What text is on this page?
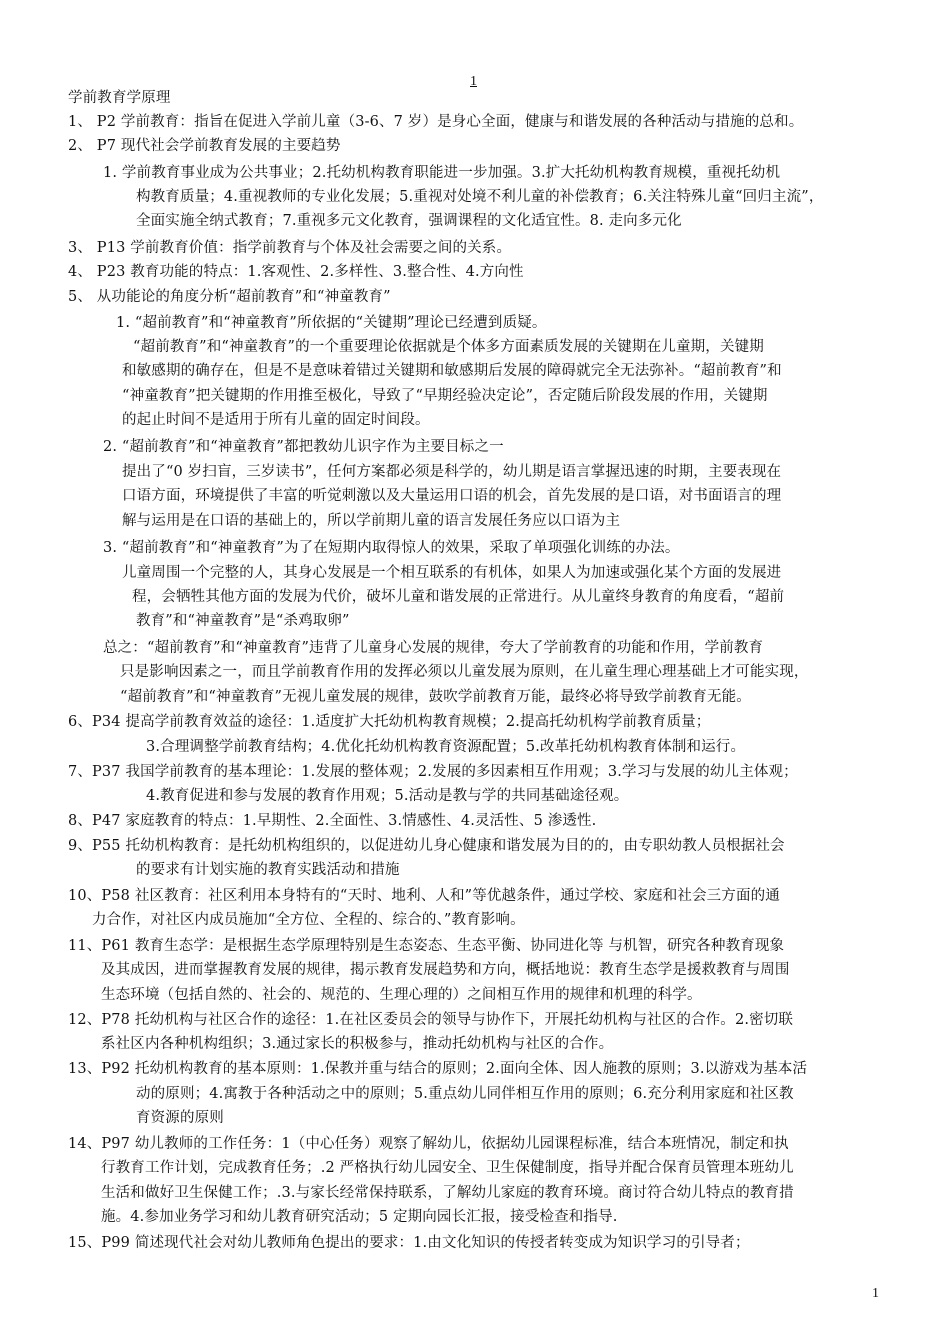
1
学前教育学原理
1、 P2 学前教育：指旨在促进入学前儿童（3-6、7 岁）是身心全面，健康与和谐发展的各种活动与措施的总和。
2、 P7 现代社会学前教育发展的主要趋势
1. 学前教育事业成为公共事业；2.托幼机构教育职能进一步加强。3.扩大托幼机构教育规模，重视托幼机
构教育质量；4.重视教师的专业化发展；5.重视对处境不利儿童的补偿教育；6.关注特殊儿童“回归主流”，
全面实施全纳式教育；7.重视多元文化教育，强调课程的文化适宜性。8. 走向多元化
3、 P13 学前教育价值：指学前教育与个体及社会需要之间的关系。
4、 P23 教育功能的特点：1.客观性、2.多样性、3.整合性、4.方向性
5、 从功能论的角度分析“超前教育”和“神童教育”
1. “超前教育”和“神童教育”所依据的“关键期”理论已经遭到质疑。
“超前教育”和“神童教育”的一个重要理论依据就是个体多方面素质发展的关键期在儿童期，关键期
和敏感期的确存在，但是不是意味着错过关键期和敏感期后发展的障碍就完全无法弥补。“超前教育”和
“神童教育”把关键期的作用推至极化，导致了“早期经验决定论”，否定随后阶段发展的作用，关键期
的起止时间不是适用于所有儿童的固定时间段。
2. “超前教育”和“神童教育”都把教幼儿识字作为主要目标之一
提出了“0 岁扫盲，三岁读书”，任何方案都必须是科学的，幼儿期是语言掌握迅速的时期，主要表现在
口语方面，环境提供了丰富的听觉刺激以及大量运用口语的机会，首先发展的是口语，对书面语言的理
解与运用是在口语的基础上的，所以学前期儿童的语言发展任务应以口语为主
3. “超前教育”和“神童教育”为了在短期内取得惊人的效果，采取了单项强化训练的办法。
儿童周围一个完整的人，其身心发展是一个相互联系的有机体，如果人为加速或强化某个方面的发展进
程，会牺牲其他方面的发展为代价，破坏儿童和谐发展的正常进行。从儿童终身教育的角度看，“超前
教育”和“神童教育”是“杀鸡取卵”
总之：“超前教育”和“神童教育”违背了儿童身心发展的规律，夸大了学前教育的功能和作用，学前教育
只是影响因素之一，而且学前教育作用的发挥必须以儿童发展为原则，在儿童生理心理基础上才可能实现，
“超前教育”和“神童教育”无视儿童发展的规律，鼓吹学前教育万能，最终必将导致学前教育无能。
6、P34 提高学前教育效益的途径：1.适度扩大托幼机构教育规模；2.提高托幼机构学前教育质量；
3.合理调整学前教育结构；4.优化托幼机构教育资源配置；5.改革托幼机构教育体制和运行。
7、P37 我国学前教育的基本理论：1.发展的整体观；2.发展的多因素相互作用观；3.学习与发展的幼儿主体观；
4.教育促进和参与发展的教育作用观；5.活动是教与学的共同基础途径观。
8、P47 家庭教育的特点：1.早期性、2.全面性、3.情感性、4.灵活性、5 渗透性.
9、P55 托幼机构教育：是托幼机构组织的，以促进幼儿身心健康和谐发展为目的的，由专职幼教人员根据社会
的要求有计划实施的教育实践活动和措施
10、P58 社区教育：社区利用本身特有的“天时、地利、人和”等优越条件，通过学校、家庭和社会三方面的通
力合作，对社区内成员施加“全方位、全程的、综合的、”教育影响。
11、P61 教育生态学：是根据生态学原理特别是生态姿态、生态平衡、协同进化等 与机智，研究各种教育现象
及其成因，进而掌握教育发展的规律，揭示教育发展趋势和方向，概括地说：教育生态学是援救教育与周围
生态环境（包括自然的、社会的、规范的、生理心理的）之间相互作用的规律和机理的科学。
12、P78 托幼机构与社区合作的途径：1.在社区委员会的领导与协作下，开展托幼机构与社区的合作。2.密切联
系社区内各种机构组织；3.通过家长的积极参与，推动托幼机构与社区的合作。
13、P92 托幼机构教育的基本原则：1.保教并重与结合的原则；2.面向全体、因人施教的原则；3.以游戏为基本活
动的原则；4.寓教于各种活动之中的原则；5.重点幼儿同伴相互作用的原则；6.充分利用家庭和社区教
育资源的原则
14、P97 幼儿教师的工作任务：1（中心任务）观察了解幼儿，依据幼儿园课程标准，结合本班情况，制定和执
行教育工作计划，完成教育任务；.2 严格执行幼儿园安全、卫生保健制度，指导并配合保育员管理本班幼儿
生活和做好卫生保健工作；.3.与家长经常保持联系，了解幼儿家庭的教育环境。商讨符合幼儿特点的教育措
施。4.参加业务学习和幼儿教育研究活动；5 定期向园长汇报，接受检查和指导.
15、P99 简述现代社会对幼儿教师角色提出的要求：1.由文化知识的传授者转变成为知识学习的引导者；
1
